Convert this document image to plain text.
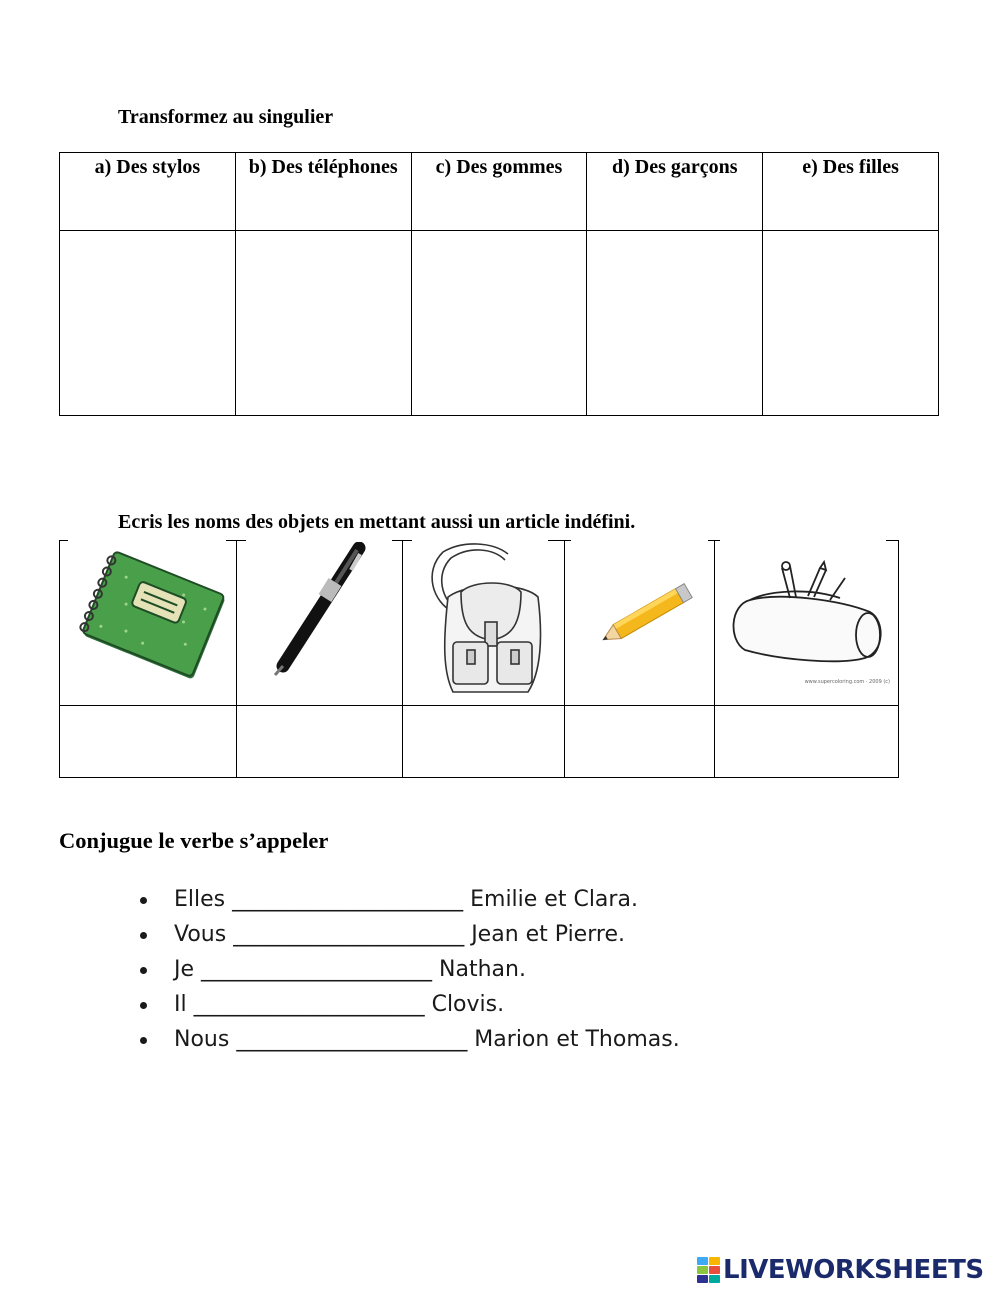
Transformez au singulier
a) Des stylos	b) Des téléphones	c) Des gommes	d) Des garçons	e) Des filles

Ecris les noms des objets en mettant aussi un article indéfini.

www.supercoloring.com · 2009 (c)

Conjugue le verbe s’appeler
Elles _____________________ Emilie et Clara.
Vous _____________________ Jean et Pierre.
Je _____________________ Nathan.
Il _____________________ Clovis.
Nous _____________________ Marion et Thomas.
LIVEWORKSHEETS
